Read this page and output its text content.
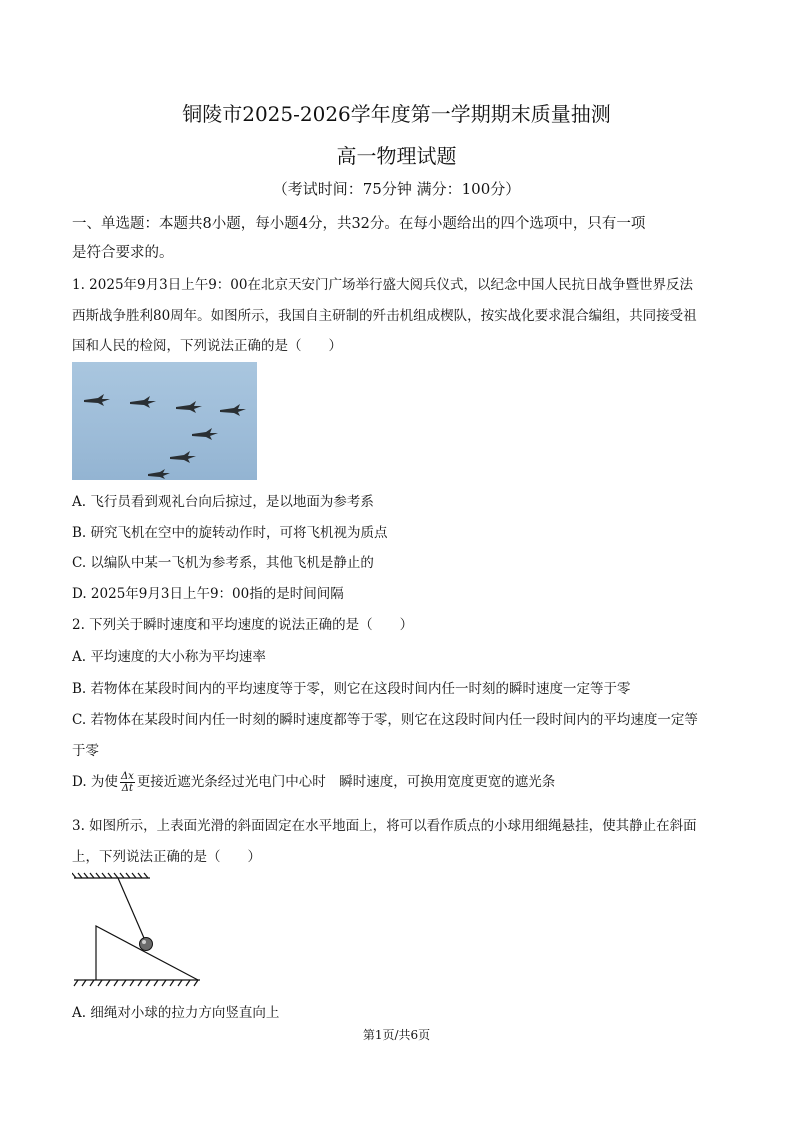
铜陵市2025-2026学年度第一学期期末质量抽测
高一物理试题
（考试时间：75分钟 满分：100分）
一、单选题：本题共8小题，每小题4分，共32分。在每小题给出的四个选项中，只有一项
是符合要求的。
1. 2025年9月3日上午9：00在北京天安门广场举行盛大阅兵仪式，以纪念中国人民抗日战争暨世界反法
西斯战争胜利80周年。如图所示，我国自主研制的歼击机组成楔队，按实战化要求混合编组，共同接受祖
国和人民的检阅，下列说法正确的是（　　）
A. 飞行员看到观礼台向后掠过，是以地面为参考系
B. 研究飞机在空中的旋转动作时，可将飞机视为质点
C. 以编队中某一飞机为参考系，其他飞机是静止的
D. 2025年9月3日上午9：00指的是时间间隔
2. 下列关于瞬时速度和平均速度的说法正确的是（　　）
A. 平均速度的大小称为平均速率
B. 若物体在某段时间内的平均速度等于零，则它在这段时间内任一时刻的瞬时速度一定等于零
C. 若物体在某段时间内任一时刻的瞬时速度都等于零，则它在这段时间内任一段时间内的平均速度一定等
于零
D. 为使 $\frac{\Delta x}{\Delta t}$ 更接近遮光条经过光电门中心时　瞬时速度，可换用宽度更宽的遮光条
3. 如图所示，上表面光滑的斜面固定在水平地面上，将可以看作质点的小球用细绳悬挂，使其静止在斜面
上，下列说法正确的是（　　）
A. 细绳对小球的拉力方向竖直向上
第1页/共6页
